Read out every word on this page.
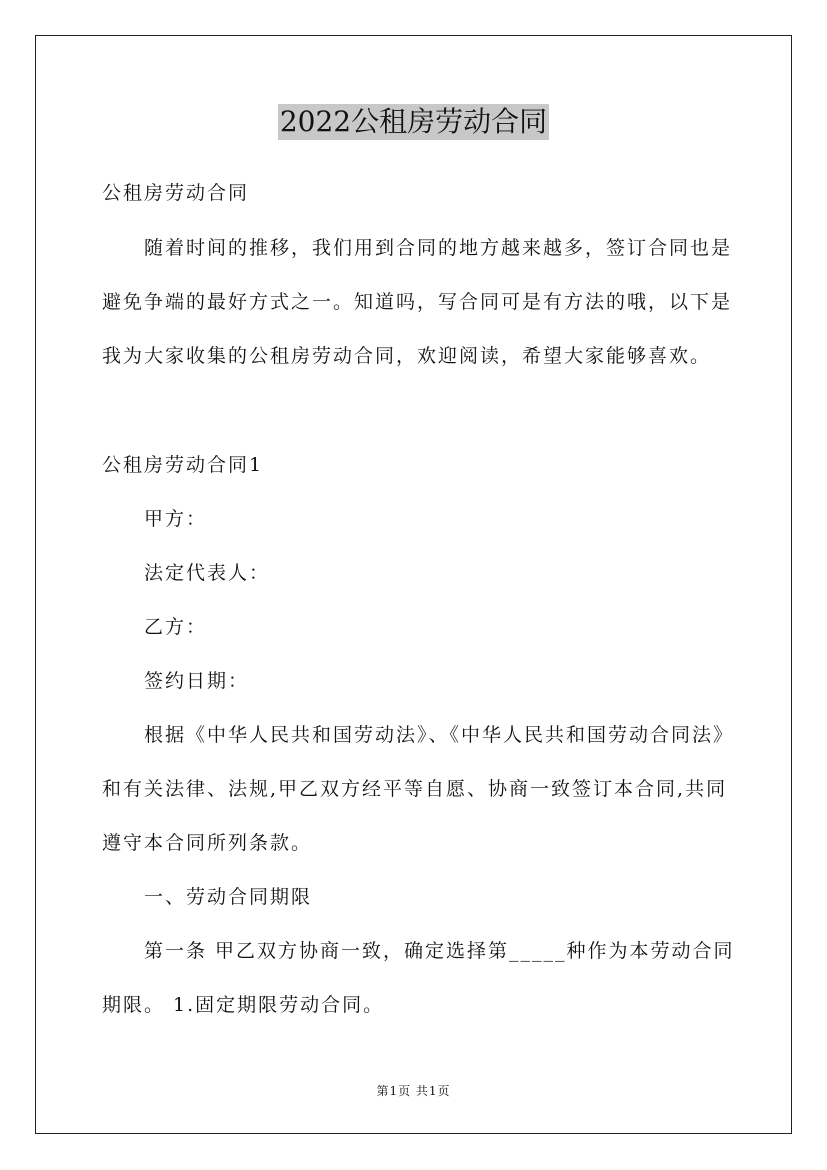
2022公租房劳动合同
公租房劳动合同
随着时间的推移，我们用到合同的地方越来越多，签订合同也是
避免争端的最好方式之一。知道吗，写合同可是有方法的哦，以下是
我为大家收集的公租房劳动合同，欢迎阅读，希望大家能够喜欢。
公租房劳动合同1
甲方：
法定代表人：
乙方：
签约日期：
根据《中华人民共和国劳动法》、《中华人民共和国劳动合同法》
和有关法律、法规,甲乙双方经平等自愿、协商一致签订本合同,共同
遵守本合同所列条款。
一、劳动合同期限
第一条 甲乙双方协商一致，确定选择第_____种作为本劳动合同
期限。 1.固定期限劳动合同。
第1页 共1页
